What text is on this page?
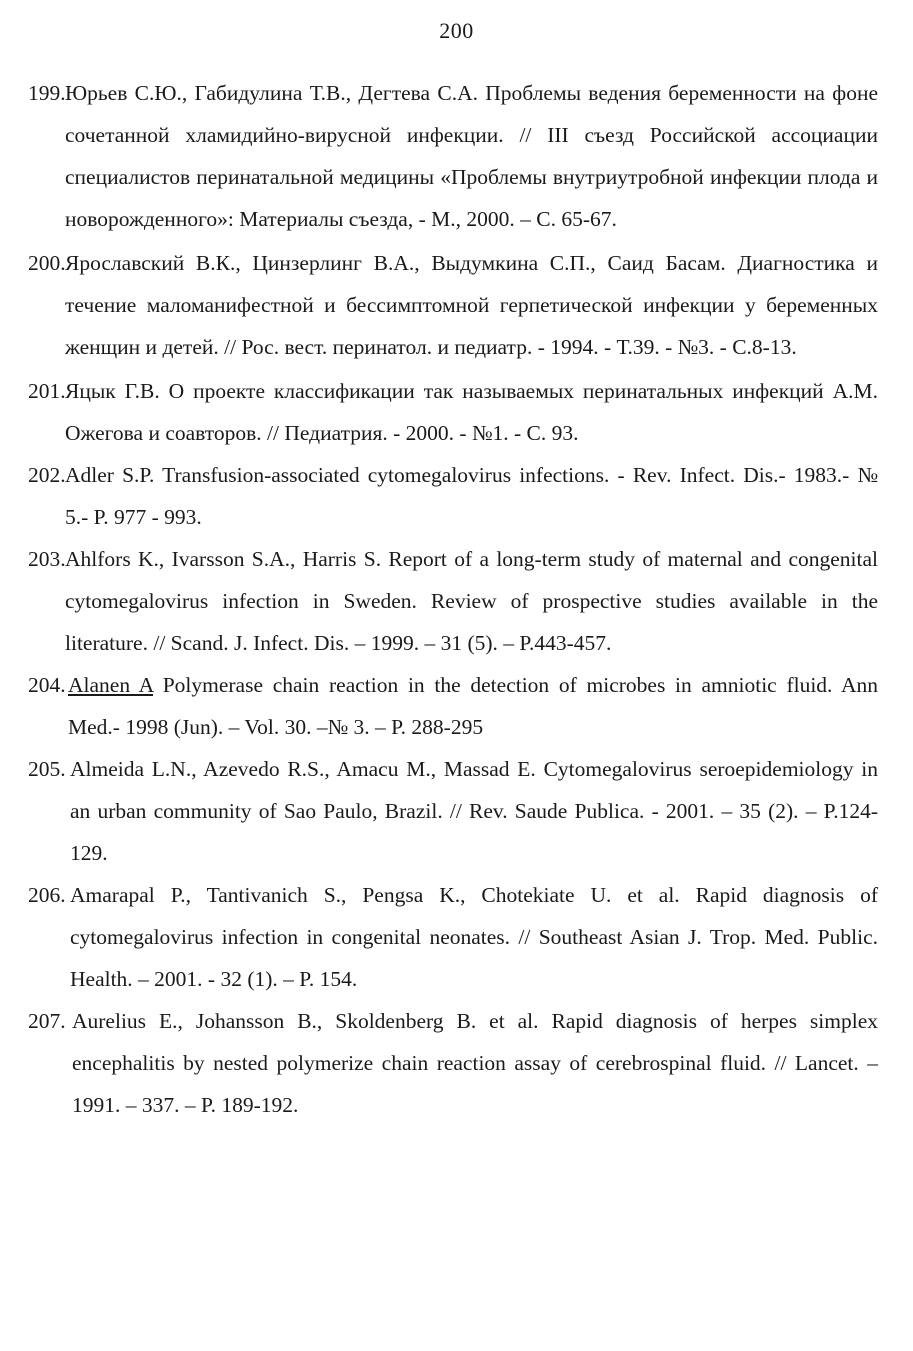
200
199. Юрьев С.Ю., Габидулина Т.В., Дегтева С.А. Проблемы ведения беременности на фоне сочетанной хламидийно-вирусной инфекции. // III съезд Российской ассоциации специалистов перинатальной медицины «Проблемы внутриутробной инфекции плода и новорожденного»: Материалы съезда, - М., 2000. – С. 65-67.
200. Ярославский В.К., Цинзерлинг В.А., Выдумкина С.П., Саид Басам. Диагностика и течение маломанифестной и бессимптомной герпетической инфекции у беременных женщин и детей. // Рос. вест. перинатол. и педиатр. - 1994. - Т.39. - №3. - С.8-13.
201. Яцык Г.В. О проекте классификации так называемых перинатальных инфекций А.М. Ожегова и соавторов. // Педиатрия. - 2000. - №1. - С. 93.
202. Adler S.P. Transfusion-associated cytomegalovirus infections. - Rev. Infect. Dis.- 1983.- № 5.- P. 977 - 993.
203. Ahlfors K., Ivarsson S.A., Harris S. Report of a long-term study of maternal and congenital cytomegalovirus infection in Sweden. Review of prospective studies available in the literature. // Scand. J. Infect. Dis. – 1999. – 31 (5). – P.443-457.
204. Alanen A Polymerase chain reaction in the detection of microbes in amniotic fluid. Ann Med.- 1998 (Jun). – Vol. 30. –№ 3. – P. 288-295
205. Almeida L.N., Azevedo R.S., Amacu M., Massad E. Cytomegalovirus seroepidemiology in an urban community of Sao Paulo, Brazil. // Rev. Saude Publica. - 2001. – 35 (2). – P.124-129.
206. Amarapal P., Tantivanich S., Pengsa K., Chotekiate U. et al. Rapid diagnosis of cytomegalovirus infection in congenital neonates. // Southeast Asian J. Trop. Med. Public. Health. – 2001. - 32 (1). – P. 154.
207. Aurelius E., Johansson B., Skoldenberg B. et al. Rapid diagnosis of herpes simplex encephalitis by nested polymerize chain reaction assay of cerebrospinal fluid. // Lancet. – 1991. – 337. – P. 189-192.
